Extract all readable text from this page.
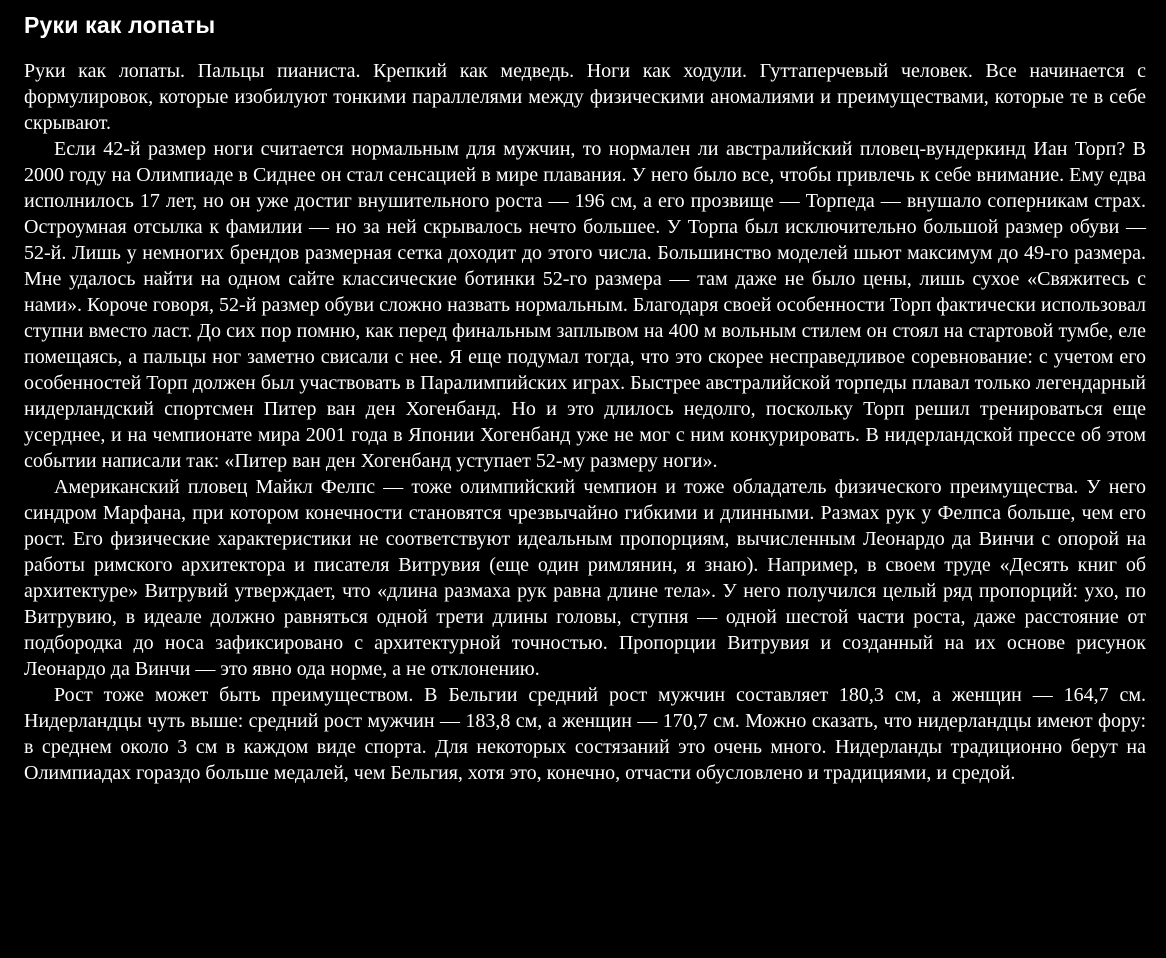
Руки как лопаты

Руки как лопаты. Пальцы пианиста. Крепкий как медведь. Ноги как ходули. Гуттаперчевый человек. Все начинается с формулировок, которые изобилуют тонкими параллелями между физическими аномалиями и преимуществами, которые те в себе скрывают.

Если 42-й размер ноги считается нормальным для мужчин, то нормален ли австралийский пловец-вундеркинд Иан Торп? В 2000 году на Олимпиаде в Сиднее он стал сенсацией в мире плавания. У него было все, чтобы привлечь к себе внимание. Ему едва исполнилось 17 лет, но он уже достиг внушительного роста — 196 см, а его прозвище — Торпеда — внушало соперникам страх. Остроумная отсылка к фамилии — но за ней скрывалось нечто большее. У Торпа был исключительно большой размер обуви — 52-й. Лишь у немногих брендов размерная сетка доходит до этого числа. Большинство моделей шьют максимум до 49-го размера. Мне удалось найти на одном сайте классические ботинки 52-го размера — там даже не было цены, лишь сухое «Свяжитесь с нами». Короче говоря, 52-й размер обуви сложно назвать нормальным. Благодаря своей особенности Торп фактически использовал ступни вместо ласт. До сих пор помню, как перед финальным заплывом на 400 м вольным стилем он стоял на стартовой тумбе, еле помещаясь, а пальцы ног заметно свисали с нее. Я еще подумал тогда, что это скорее несправедливое соревнование: с учетом его особенностей Торп должен был участвовать в Паралимпийских играх. Быстрее австралийской торпеды плавал только легендарный нидерландский спортсмен Питер ван ден Хогенбанд. Но и это длилось недолго, поскольку Торп решил тренироваться еще усерднее, и на чемпионате мира 2001 года в Японии Хогенбанд уже не мог с ним конкурировать. В нидерландской прессе об этом событии написали так: «Питер ван ден Хогенбанд уступает 52-му размеру ноги».

Американский пловец Майкл Фелпс — тоже олимпийский чемпион и тоже обладатель физического преимущества. У него синдром Марфана, при котором конечности становятся чрезвычайно гибкими и длинными. Размах рук у Фелпса больше, чем его рост. Его физические характеристики не соответствуют идеальным пропорциям, вычисленным Леонардо да Винчи с опорой на работы римского архитектора и писателя Витрувия (еще один римлянин, я знаю). Например, в своем труде «Десять книг об архитектуре» Витрувий утверждает, что «длина размаха рук равна длине тела». У него получился целый ряд пропорций: ухо, по Витрувию, в идеале должно равняться одной трети длины головы, ступня — одной шестой части роста, даже расстояние от подбородка до носа зафиксировано с архитектурной точностью. Пропорции Витрувия и созданный на их основе рисунок Леонардо да Винчи — это явно ода норме, а не отклонению.

Рост тоже может быть преимуществом. В Бельгии средний рост мужчин составляет 180,3 см, а женщин — 164,7 см. Нидерландцы чуть выше: средний рост мужчин — 183,8 см, а женщин — 170,7 см. Можно сказать, что нидерландцы имеют фору: в среднем около 3 см в каждом виде спорта. Для некоторых состязаний это очень много. Нидерланды традиционно берут на Олимпиадах гораздо больше медалей, чем Бельгия, хотя это, конечно, отчасти обусловлено и традициями, и средой.
